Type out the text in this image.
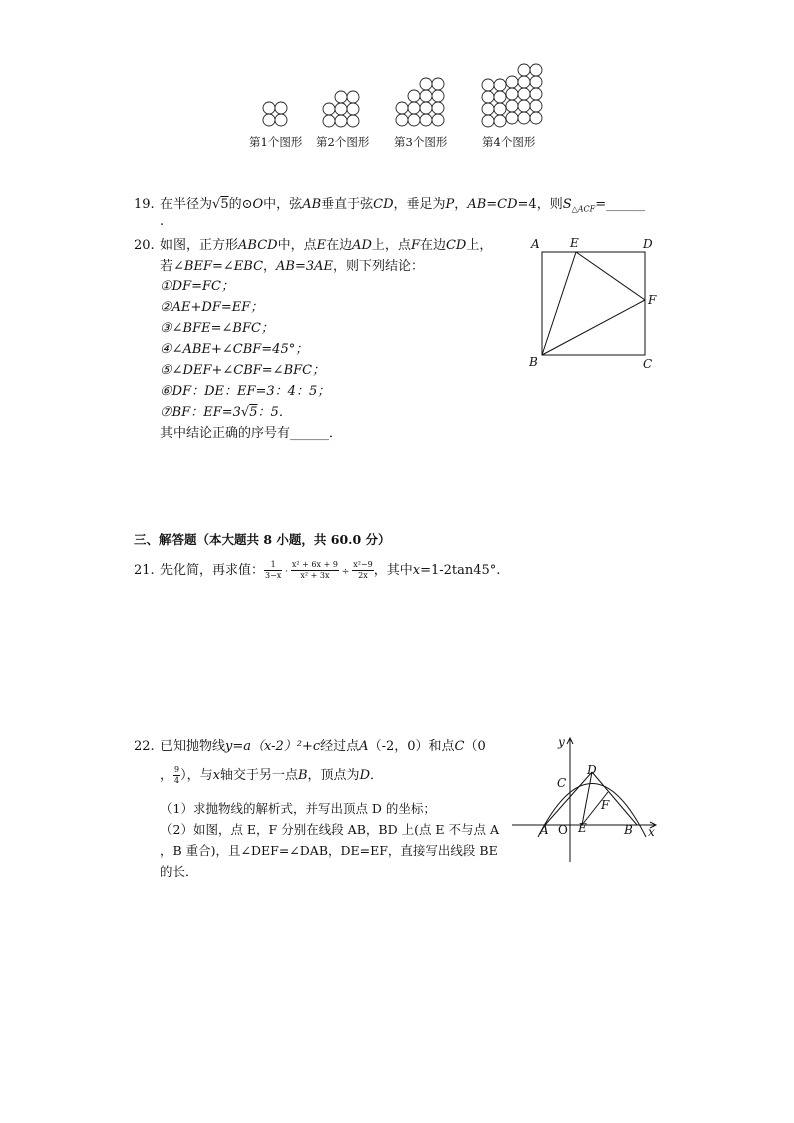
第1个图形 第2个图形 第3个图形	第4个图形
19. 在半径为√5的⊙O中，弦AB垂直于弦CD，垂足为P，AB=CD=4，则$S_{\triangle ACF}=\_\_\_\_\_\_$
.
20. 如图，正方形ABCD中，点E在边AD上，点F在边CD上，
若∠BEF=∠EBC，AB=3AE，则下列结论：
①DF=FC；
②AE+DF=EF；
③∠BFE=∠BFC；
④∠ABE+∠CBF=45°；
⑤∠DEF+∠CBF=∠BFC；
⑥DF：DE：EF=3：4：5；
⑦BF：EF=3√5：5．
其中结论正确的序号有______．
A	E	D
F
B	C
三、解答题（本大题共 8 小题，共 60.0 分）
21. 先化简，再求值： $\frac{1}{3-x} \cdot \frac{\text{x² + 6x + 9}}{\text{x² + 3x}} \div \frac{\text{x²−9}}{2x}$ ，其中x=1-2tan45°.
22. 已知抛物线y=a（x-2）²+c经过点A（-2，0）和点C（0
， $\frac{9}{4}$ ），与x轴交于另一点B，顶点为D．
（1）求抛物线的解析式，并写出顶点 D 的坐标；
（2）如图，点 E，F 分别在线段 AB，BD 上(点 E 不与点 A
，B 重合)，且∠DEF=∠DAB，DE=EF，直接写出线段 BE
的长．
y
x
A O E	B
C
D
F
